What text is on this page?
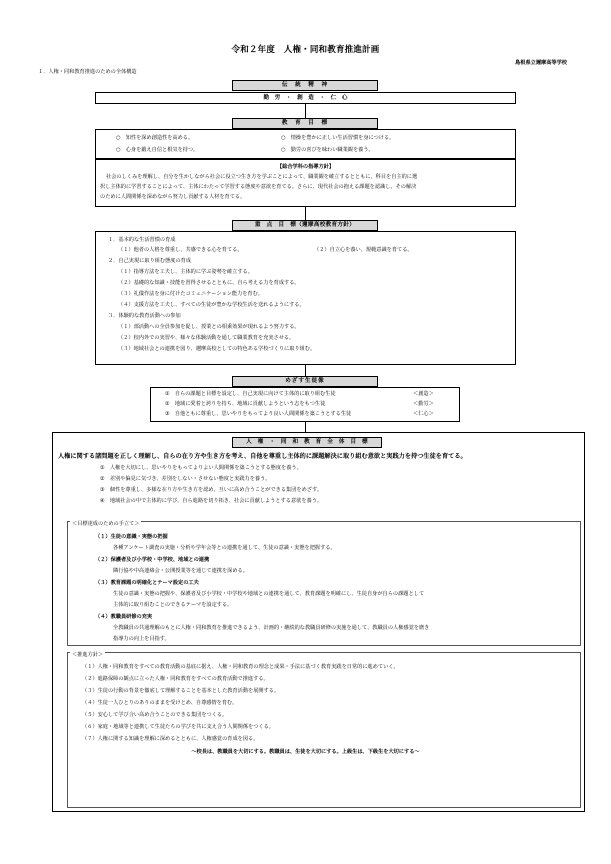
令和２年度　人権・同和教育推進計画
島根県立邇摩高等学校
１．人権・同和教育推進のための全体構造
伝　統　精　神
勤　労　・　創　造　・　仁　心
教　育　目　標
○　知性を深め創造性を高める。	○　情操を豊かに正しい生活習慣を身につける。
○　心身を鍛え自信と根気を持つ。	○　勤労の喜びを味わい職業観を養う。
【総合学科の指導方針】
社会のしくみを理解し、自分を生かしながら社会に役立つ生き方を学ぶことによって、職業観を確立するとともに、科目を自主的に選
択し主体的に学習することによって、主体にわたって学習する態度や意欲を育てる。さらに、現代社会の抱える課題を認識し、その解決
のために人間関係を深めながら努力し貢献する人材を育てる。
重　点　目　標（邇摩高校教育方針）
１．基本的な生活習慣の育成
（１）他者の人格を尊重し、共感できる心を育てる。	（２）自立心を養い、規範意識を育てる。
２．自己実現に取り組む態度の育成
（１）指導方法を工夫し、主体的に学ぶ姿勢を確立する。
（２）基礎的な知識・技能を習得させるとともに、自ら考える力を育成する。
（３）礼儀作法を身に付けたコミュニケーション能力を育む。
（４）支援方法を工夫し、すべての生徒が豊かな学校生活を送れるようにする。
３．体験的な教育活動への参加
（１）部活動への全員参加を促し、授業との相乗効果が現れるよう努力する。
（２）校内外での実習や、様々な体験活動を通して職業教育を充実させる。
（３）地域社会との連携を図り、邇摩高校としての特色ある学校づくりに取り組む。
めざす生徒像
①　自らの課題と目標を設定し、自己実現に向けて主体的に取り組む生徒	＜創造＞
②　地域に愛着と誇りを持ち、地域に貢献しようという志をもつ生徒	＜勤労＞
③　自他ともに尊重し、思いやりをもってより良い人間関係を築こうとする生徒	＜仁心＞
人　権　・　同　和　教　育　全　体　目　標
人権に関する諸問題を正しく理解し、自らの在り方や生き方を考え、自他を尊重し主体的に課題解決に取り組む意欲と実践力を持つ生徒を育てる。
①　人権を大切にし、思いやりをもってよりよい人間関係を築こうとする態度を養う。
②　差別や偏見に気づき、差別をしない・させない態度と実践力を養う。
③　個性を尊重し、多様な在り方や生き方を認め、互いに高め合うことができる集団をめざす。
④　地域社会の中で主体的に学び、自ら進路を切り拓き、社会に貢献しようとする意欲を養う。
＜目標達成のための手立て＞
（１）生徒の意識・実態の把握
各種アンケート調査の実施・分析や学年会等との連携を通して、生徒の意識・実態を把握する。
（２）保護者及び小学校・中学校、地域との連携
隣行協や中高連絡会・公開授業等を通じて連携を深める。
（３）教育課題の明確化とテーマ設定の工夫
生徒の意識・実態の把握や、保護者及び小学校・中学校や地域との連携を通して、教育課題を明確にし、生徒自身が自らの課題として
主体的に取り組むことのできるテーマを設定する。
（４）教職員研修の充実
全教職員の共通理解のもとに人権・同和教育を推進できるよう、計画的・継続的な教職員研修の実施を通して、教職員の人権感覚を磨き
指導力の向上を目指す。
＜推進方針＞
（１）人権・同和教育をすべての教育活動の基底に据え、人権・同和教育の理念と成果・手法に基づく教育実践を日常的に進めていく。
（２）進路保障の観点に立った人権・同和教育をすべての教育活動で推進する。
（３）生徒の行動の背景を徹底して理解することを基本とした教育活動を展開する。
（４）生徒一人ひとりのありのままを受けとめ、自尊感情を育む。
（５）安心して学び合い高め合うことのできる集団をつくる。
（６）家庭・地域等と連携して生徒たちの学びを共に支え合う人間関係をつくる。
（７）人権に関する知識を理解に深めるとともに、人権感覚の育成を図る。
～校長は、教職員を大切にする。教職員は、生徒を大切にする。上級生は、下級生を大切にする～
